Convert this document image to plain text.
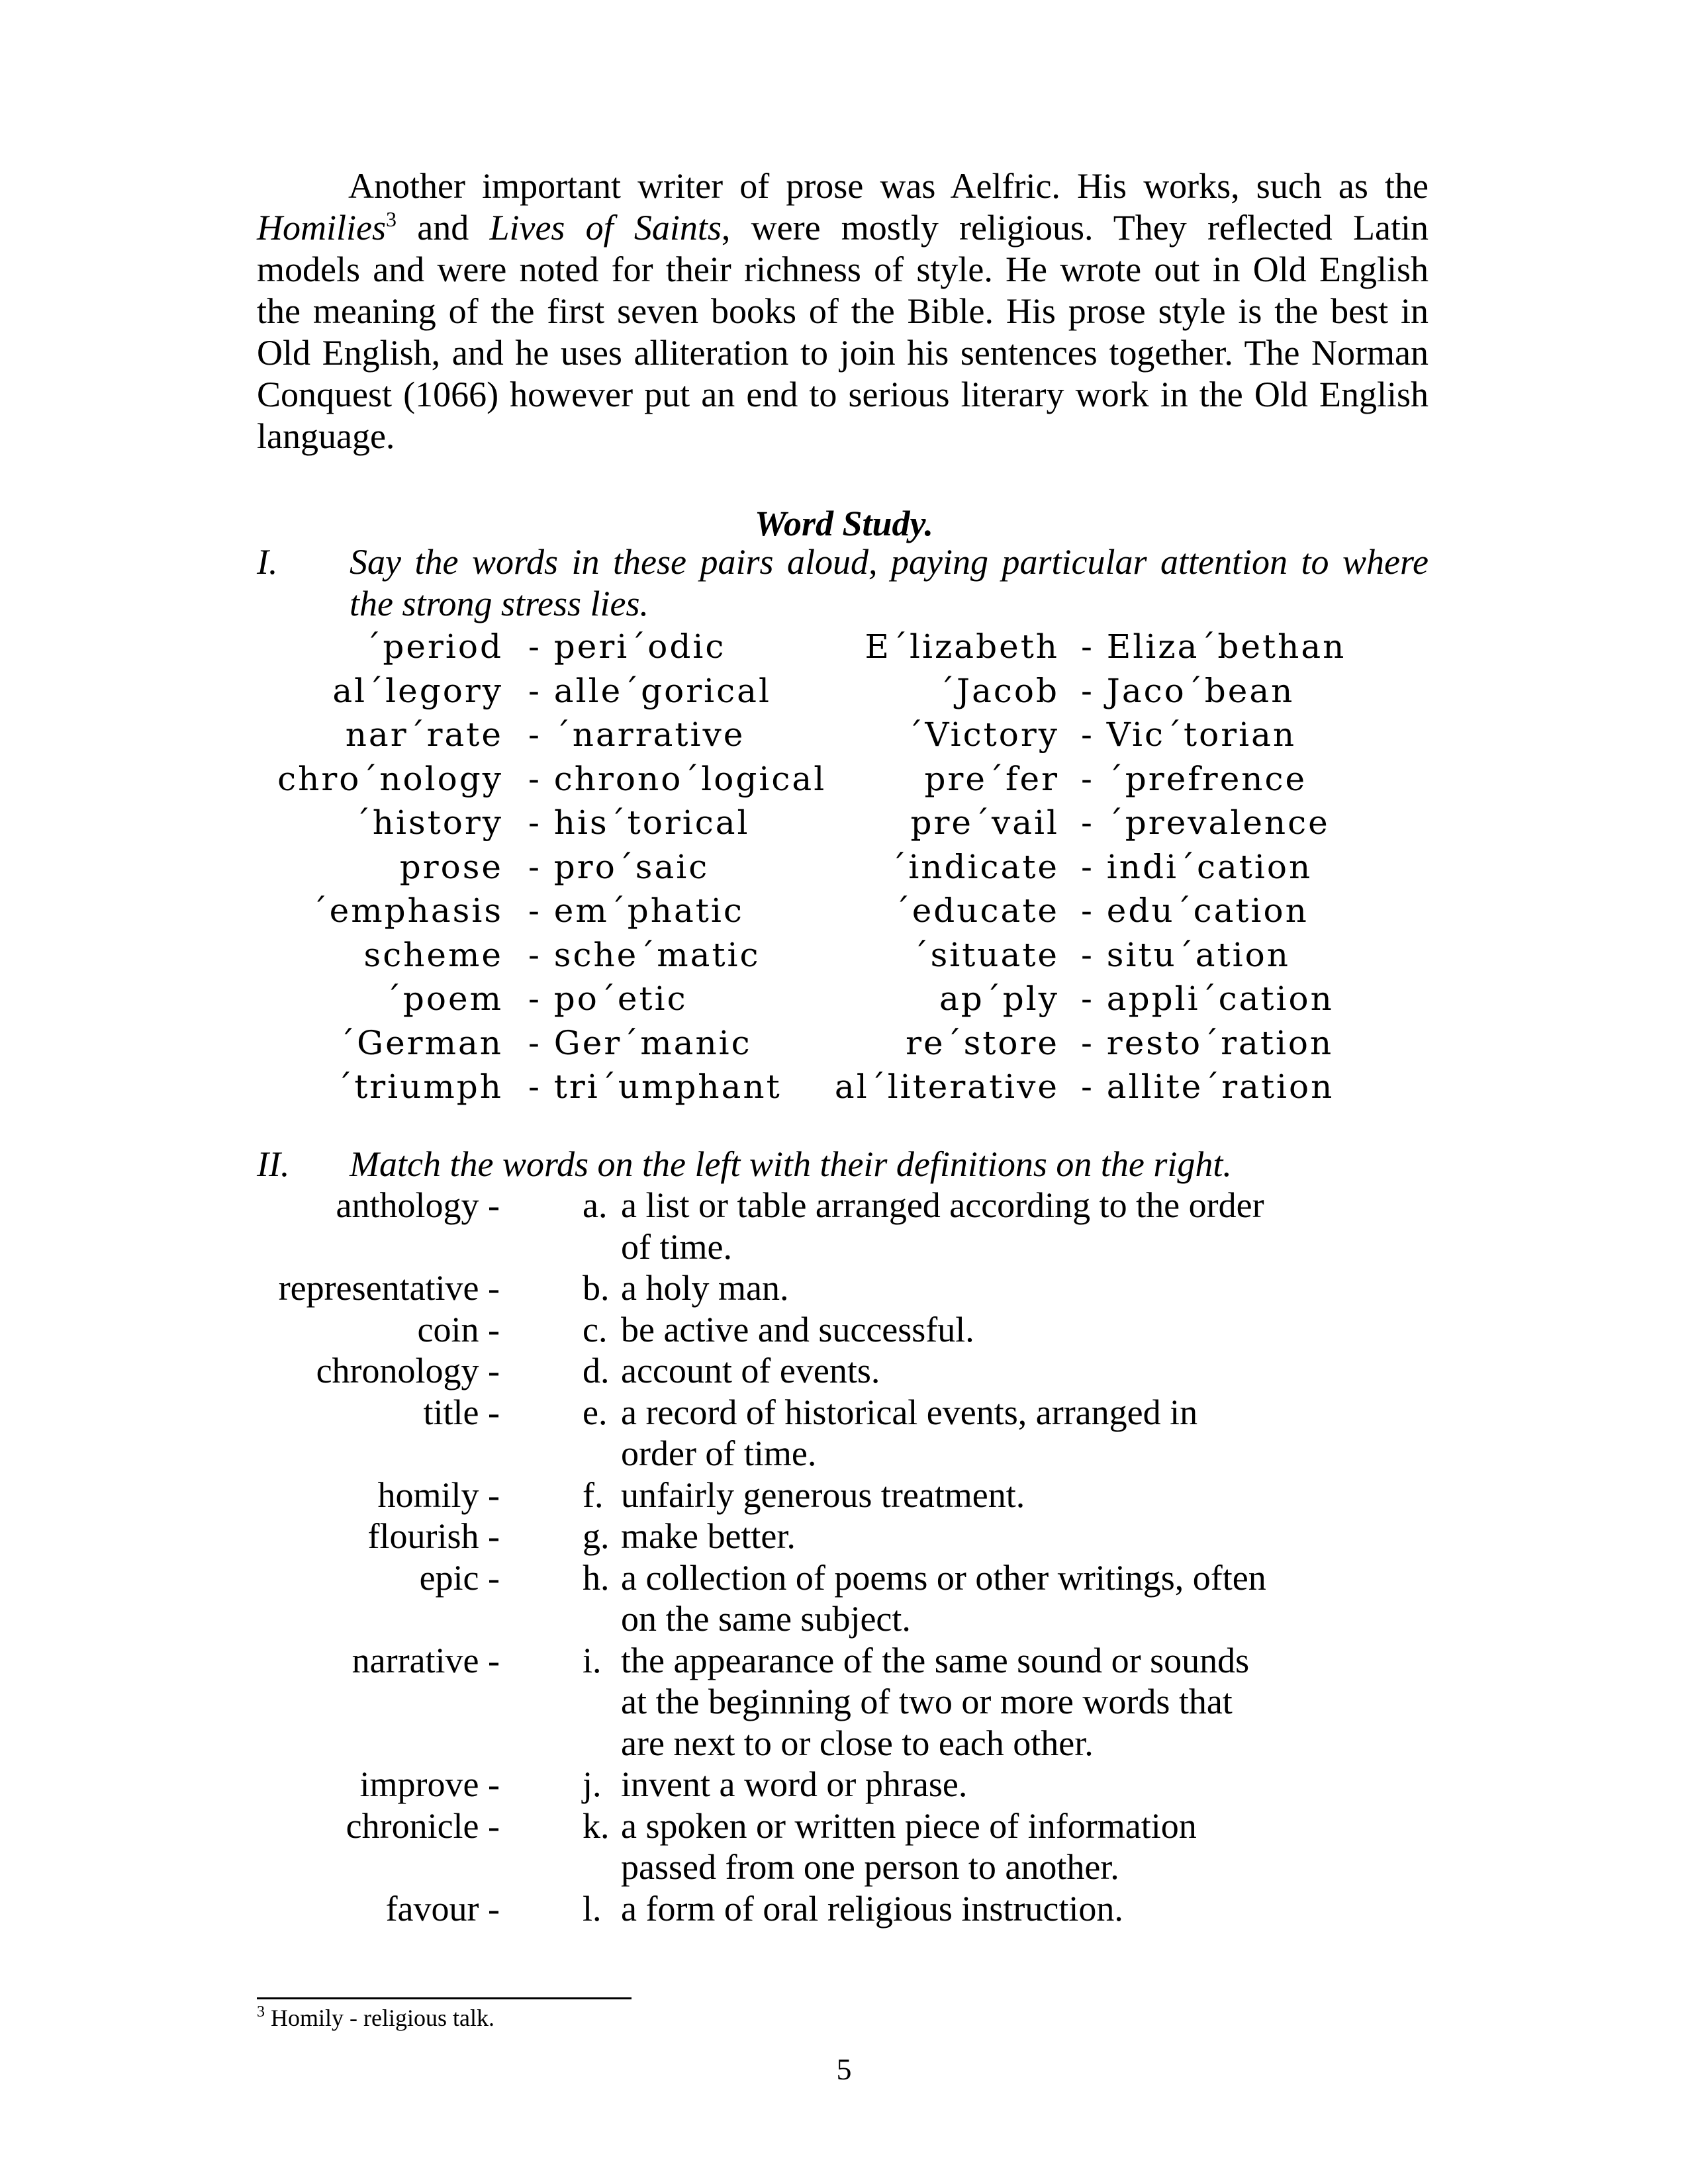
Another important writer of prose was Aelfric. His works, such as the
Homilies$^3$ and Lives of Saints, were mostly religious. They reflected Latin
models and were noted for their richness of style. He wrote out in Old English
the meaning of the first seven books of the Bible. His prose style is the best in
Old English, and he uses alliteration to join his sentences together. The Norman
Conquest (1066) however put an end to serious literary work in the Old English
language.
Word Study.
I. Say the words in these pairs aloud, paying particular attention to where
the strong stress lies.
ˊperiod - periˊodic	Eˊlizabeth - Elizaˊbethan
alˊlegory - alleˊgorical	ˊJacob - Jacoˊbean
narˊrate - ˊnarrative	ˊVictory - Vicˊtorian
chroˊnology - chronoˊlogical	preˊfer - ˊprefrence
ˊhistory - hisˊtorical	preˊvail - ˊprevalence
prose - proˊsaic	ˊindicate - indiˊcation
ˊemphasis - emˊphatic	ˊeducate - eduˊcation
scheme - scheˊmatic	ˊsituate - situˊation
ˊpoem - poˊetic	apˊply - appliˊcation
ˊGerman - Gerˊmanic	reˊstore - restoˊration
ˊtriumph - triˊumphant alˊliterative - alliteˊration
II. Match the words on the left with their definitions on the right.
anthology - a. a list or table arranged according to the order
of time.
representative - b. a holy man.
coin - c. be active and successful.
chronology - d. account of events.
title - e. a record of historical events, arranged in
order of time.
homily - f. unfairly generous treatment.
flourish - g. make better.
epic - h. a collection of poems or other writings, often
on the same subject.
narrative - i. the appearance of the same sound or sounds
at the beginning of two or more words that
are next to or close to each other.
improve - j. invent a word or phrase.
chronicle - k. a spoken or written piece of information
passed from one person to another.
favour - l. a form of oral religious instruction.
$^3$ Homily - religious talk.
5
